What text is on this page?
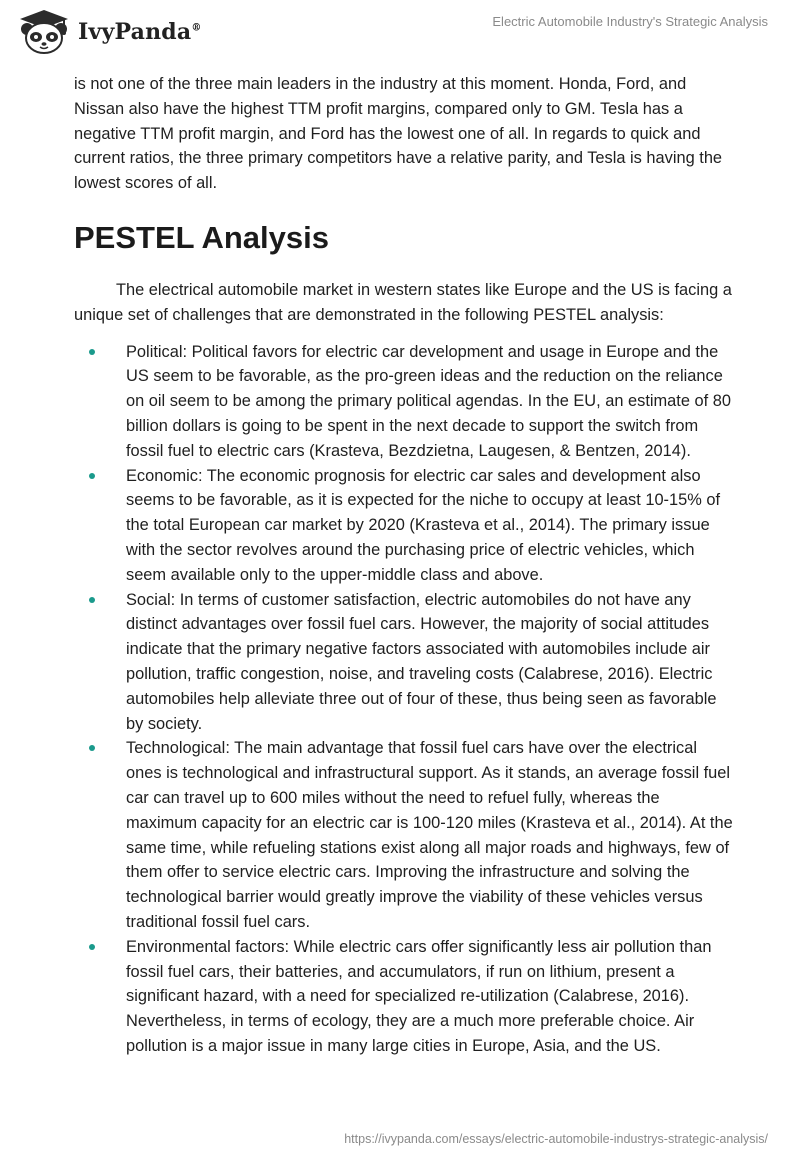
IvyPanda®	Electric Automobile Industry's Strategic Analysis

is not one of the three main leaders in the industry at this moment. Honda, Ford, and Nissan also have the highest TTM profit margins, compared only to GM. Tesla has a negative TTM profit margin, and Ford has the lowest one of all. In regards to quick and current ratios, the three primary competitors have a relative parity, and Tesla is having the lowest scores of all.

PESTEL Analysis

The electrical automobile market in western states like Europe and the US is facing a unique set of challenges that are demonstrated in the following PESTEL analysis:

Political: Political favors for electric car development and usage in Europe and the US seem to be favorable, as the pro-green ideas and the reduction on the reliance on oil seem to be among the primary political agendas. In the EU, an estimate of 80 billion dollars is going to be spent in the next decade to support the switch from fossil fuel to electric cars (Krasteva, Bezdzietna, Laugesen, & Bentzen, 2014).
Economic: The economic prognosis for electric car sales and development also seems to be favorable, as it is expected for the niche to occupy at least 10-15% of the total European car market by 2020 (Krasteva et al., 2014). The primary issue with the sector revolves around the purchasing price of electric vehicles, which seem available only to the upper-middle class and above.
Social: In terms of customer satisfaction, electric automobiles do not have any distinct advantages over fossil fuel cars. However, the majority of social attitudes indicate that the primary negative factors associated with automobiles include air pollution, traffic congestion, noise, and traveling costs (Calabrese, 2016). Electric automobiles help alleviate three out of four of these, thus being seen as favorable by society.
Technological: The main advantage that fossil fuel cars have over the electrical ones is technological and infrastructural support. As it stands, an average fossil fuel car can travel up to 600 miles without the need to refuel fully, whereas the maximum capacity for an electric car is 100-120 miles (Krasteva et al., 2014). At the same time, while refueling stations exist along all major roads and highways, few of them offer to service electric cars. Improving the infrastructure and solving the technological barrier would greatly improve the viability of these vehicles versus traditional fossil fuel cars.
Environmental factors: While electric cars offer significantly less air pollution than fossil fuel cars, their batteries, and accumulators, if run on lithium, present a significant hazard, with a need for specialized re-utilization (Calabrese, 2016). Nevertheless, in terms of ecology, they are a much more preferable choice. Air pollution is a major issue in many large cities in Europe, Asia, and the US.
https://ivypanda.com/essays/electric-automobile-industrys-strategic-analysis/
